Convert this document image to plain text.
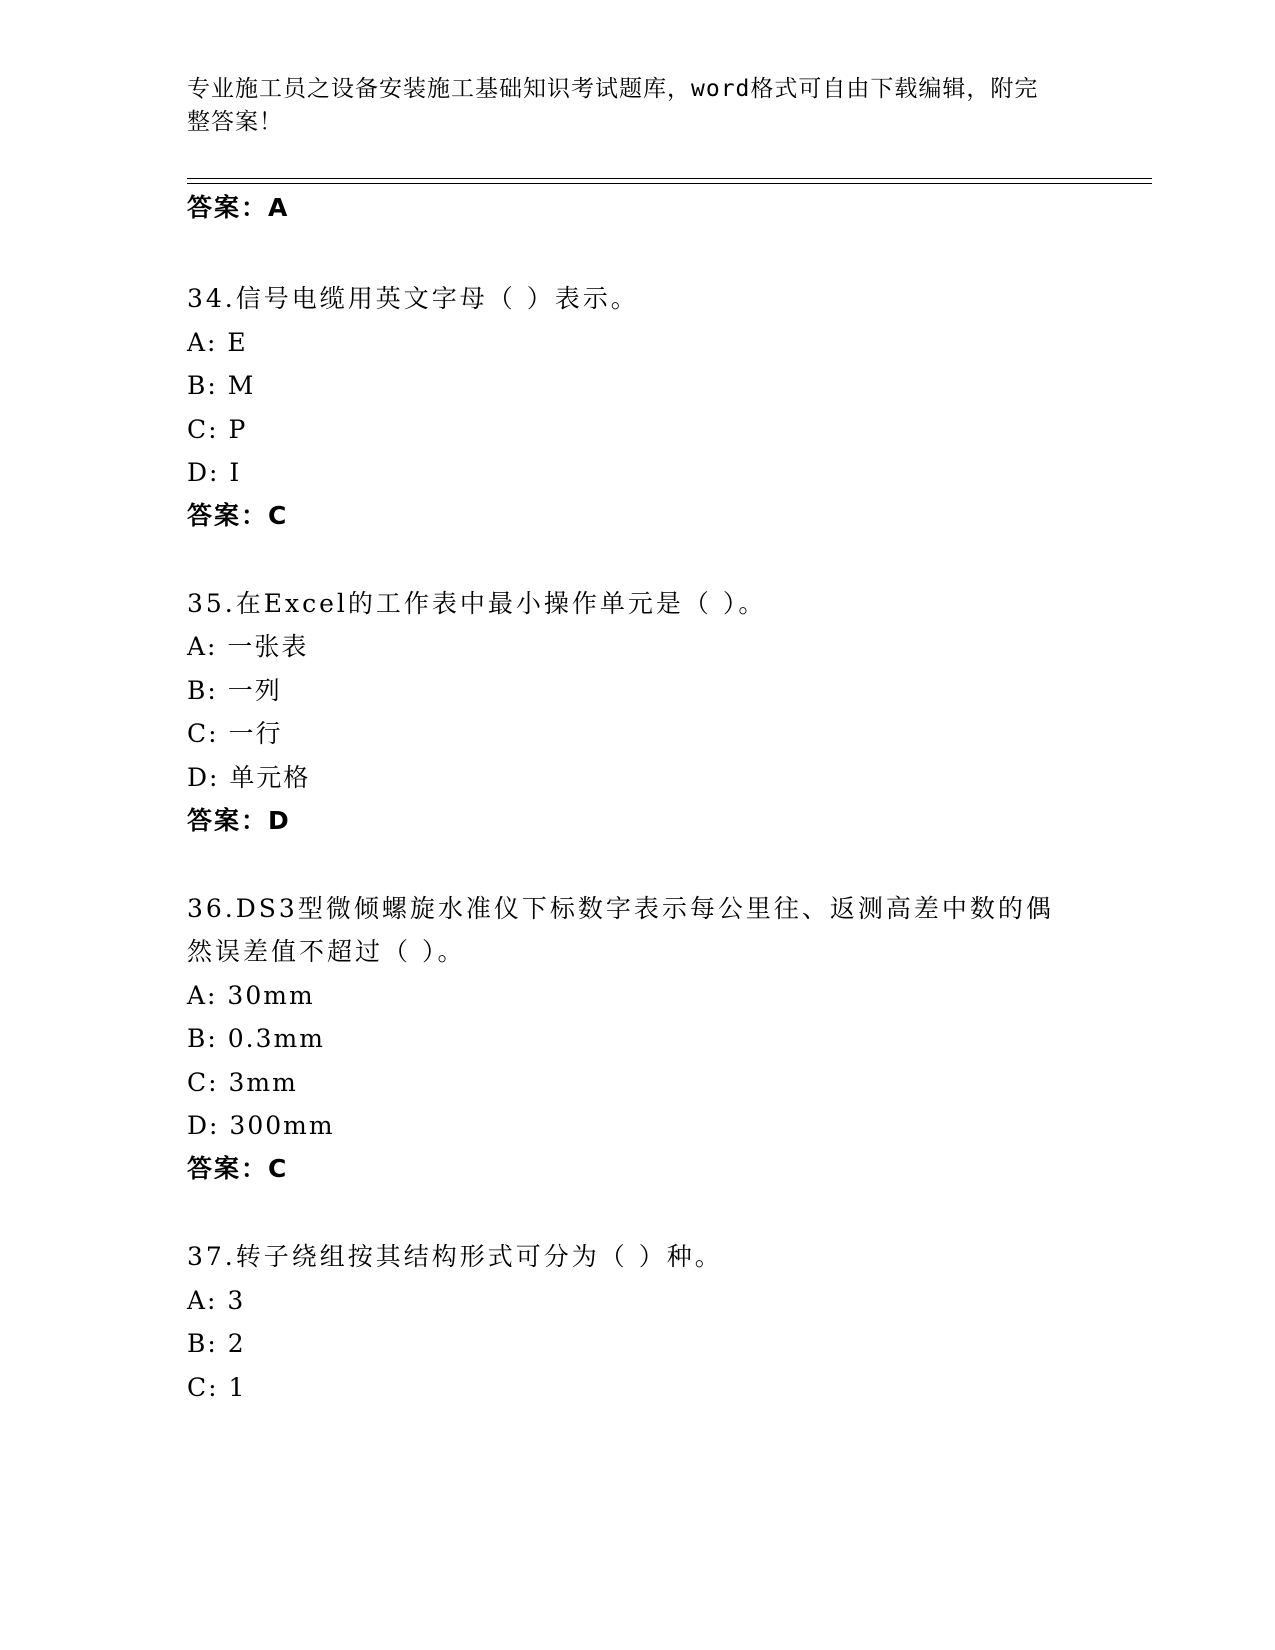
专业施工员之设备安装施工基础知识考试题库，word格式可自由下载编辑，附完
整答案！
答案：A
34.信号电缆用英文字母（ ）表示。
A: E
B: M
C: P
D: I
答案：C
35.在Excel的工作表中最小操作单元是（ ）。
A: 一张表
B: 一列
C: 一行
D: 单元格
答案：D
36.DS3型微倾螺旋水准仪下标数字表示每公里往、返测高差中数的偶
然误差值不超过（ ）。
A: 30mm
B: 0.3mm
C: 3mm
D: 300mm
答案：C
37.转子绕组按其结构形式可分为（ ）种。
A: 3
B: 2
C: 1
